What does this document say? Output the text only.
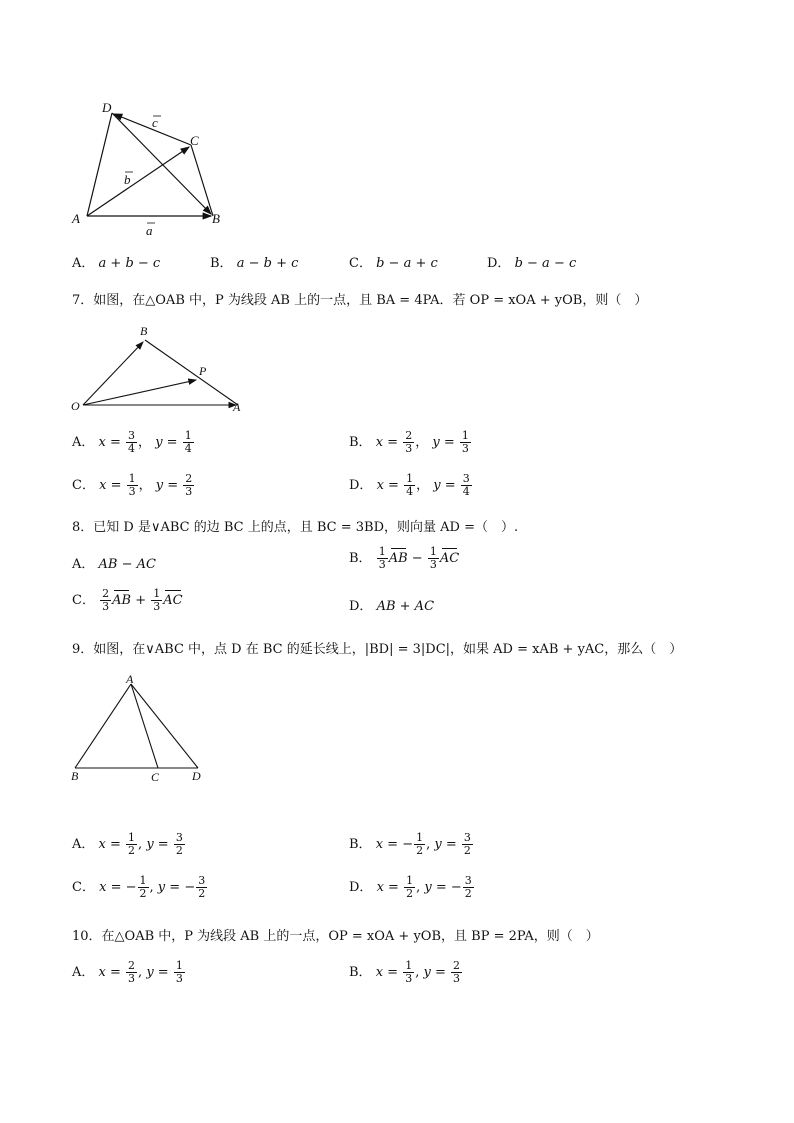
D
C
A	B
a
b
c
A． a + b − c	B． a − b + c	C． b − a + c	D． b − a − c
7．如图，在△OAB 中，P 为线段 AB 上的一点，且 BA = 4PA．若 OP = xOA + yOB，则（　）
B
P
O	A
A． $x = \frac{3}{4}$ ， $y = \frac{1}{4}$	B． $x = \frac{2}{3}$ ， $y = \frac{1}{3}$
C． $x = \frac{1}{3}$ ， $y = \frac{2}{3}$	D． $x = \frac{1}{4}$ ， $y = \frac{3}{4}$
8．已知 D 是∨ABC 的边 BC 上的点，且 BC = 3BD，则向量 AD =（　）.
A． AB − AC	B． $\frac{1}{3}$ AB − $\frac{1}{3}$ AC
C． $\frac{2}{3}$ AB + $\frac{1}{3}$ AC	D． AB + AC
9．如图，在∨ABC 中，点 D 在 BC 的延长线上，|BD| = 3|DC|，如果 AD = xAB + yAC，那么（　）
A
B	C	D
A． $x = \frac{1}{2}$ , $y = \frac{3}{2}$	B． x = − $\frac{1}{2}$ , $y = \frac{3}{2}$
C． x = − $\frac{1}{2}$ , y = − $\frac{3}{2}$	D． $x = \frac{1}{2}$ , y = − $\frac{3}{2}$
10．在△OAB 中，P 为线段 AB 上的一点，OP = xOA + yOB，且 BP = 2PA，则（　）
A． $x = \frac{2}{3}$ , $y = \frac{1}{3}$	B． $x = \frac{1}{3}$ , $y = \frac{2}{3}$
